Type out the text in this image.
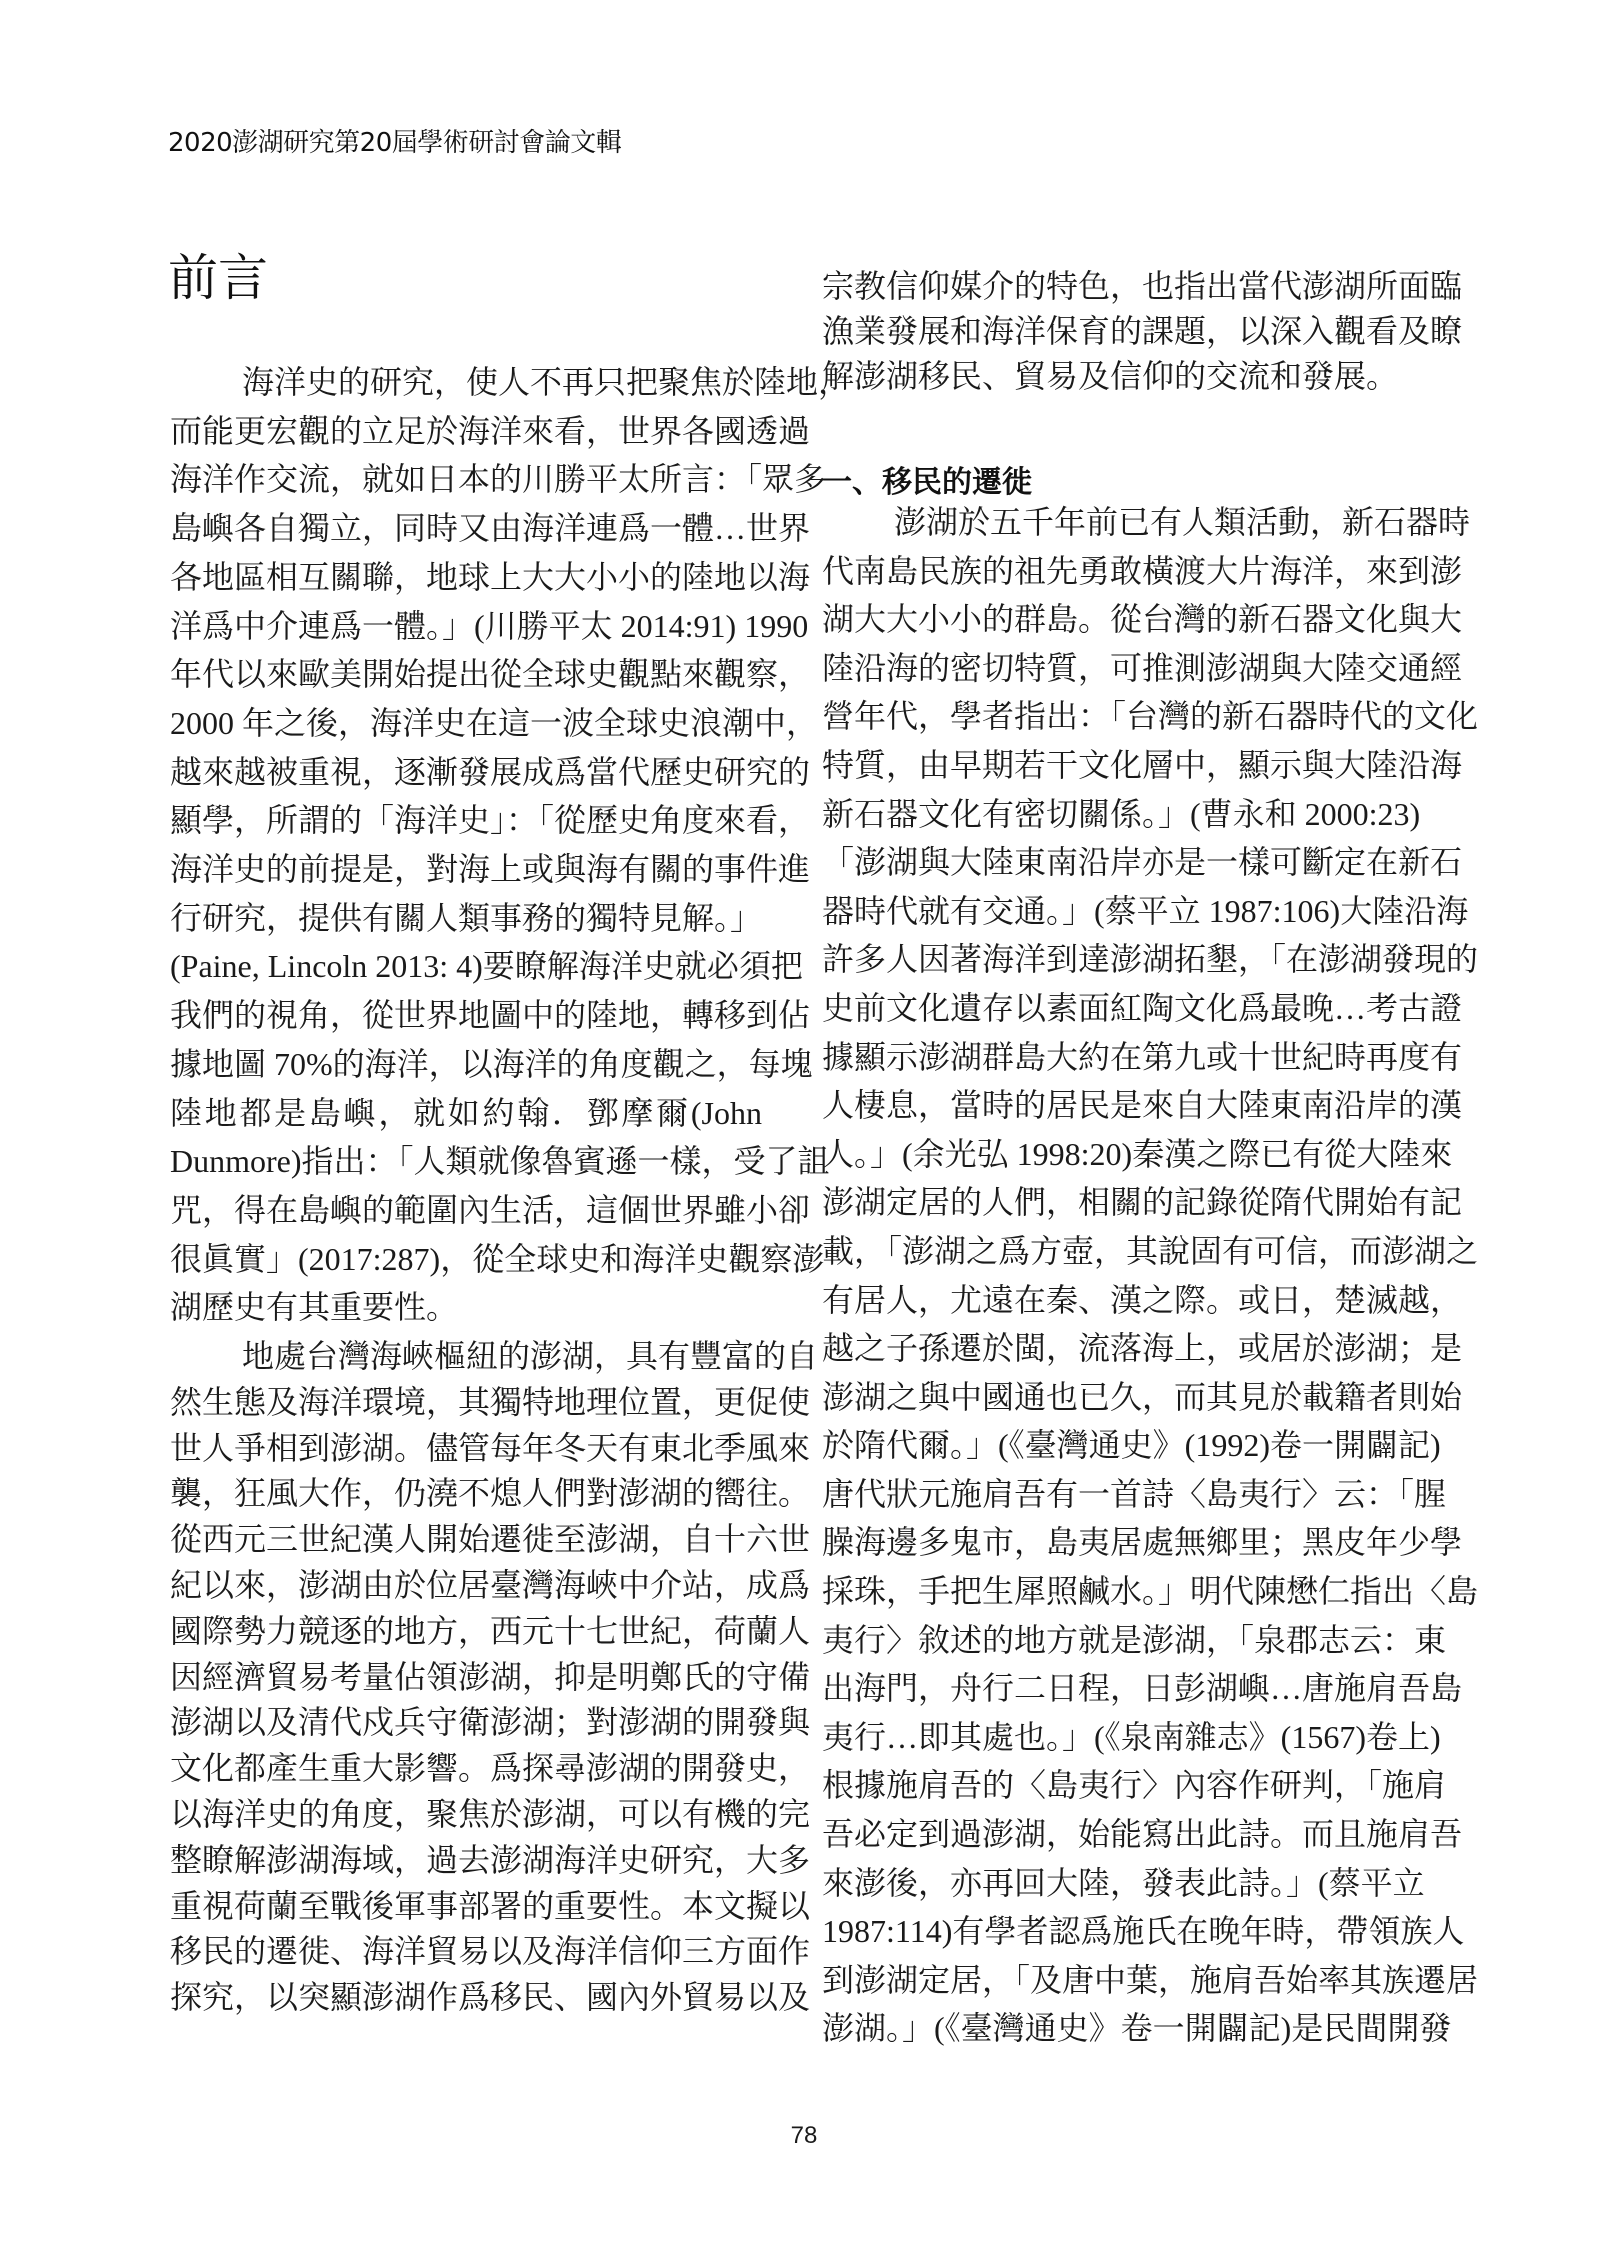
2020澎湖研究第20屆學術研討會論文輯
前言
海洋史的研究，使人不再只把聚焦於陸地，
而能更宏觀的立足於海洋來看，世界各國透過
海洋作交流，就如日本的川勝平太所言：「眾多
島嶼各自獨立，同時又由海洋連爲一體…世界
各地區相互關聯，地球上大大小小的陸地以海
洋爲中介連爲一體。」(川勝平太 2014:91) 1990
年代以來歐美開始提出從全球史觀點來觀察，
2000 年之後，海洋史在這一波全球史浪潮中，
越來越被重視，逐漸發展成爲當代歷史研究的
顯學，所謂的「海洋史」：「從歷史角度來看，
海洋史的前提是，對海上或與海有關的事件進
行研究，提供有關人類事務的獨特見解。」
(Paine, Lincoln 2013: 4)要瞭解海洋史就必須把
我們的視角，從世界地圖中的陸地，轉移到佔
據地圖 70%的海洋，以海洋的角度觀之，每塊
陸地都是島嶼，就如約翰．鄧摩爾(John
Dunmore)指出：「人類就像魯賓遜一樣，受了詛
咒，得在島嶼的範圍內生活，這個世界雖小卻
很眞實」(2017:287)，從全球史和海洋史觀察澎
湖歷史有其重要性。
地處台灣海峽樞紐的澎湖，具有豐富的自
然生態及海洋環境，其獨特地理位置，更促使
世人爭相到澎湖。儘管每年冬天有東北季風來
襲，狂風大作，仍澆不熄人們對澎湖的嚮往。
從西元三世紀漢人開始遷徙至澎湖，自十六世
紀以來，澎湖由於位居臺灣海峽中介站，成爲
國際勢力競逐的地方，西元十七世紀，荷蘭人
因經濟貿易考量佔領澎湖，抑是明鄭氏的守備
澎湖以及清代戍兵守衛澎湖；對澎湖的開發與
文化都產生重大影響。爲探尋澎湖的開發史，
以海洋史的角度，聚焦於澎湖，可以有機的完
整瞭解澎湖海域，過去澎湖海洋史研究，大多
重視荷蘭至戰後軍事部署的重要性。本文擬以
移民的遷徙、海洋貿易以及海洋信仰三方面作
探究，以突顯澎湖作爲移民、國內外貿易以及
宗教信仰媒介的特色，也指出當代澎湖所面臨
漁業發展和海洋保育的課題，以深入觀看及瞭
解澎湖移民、貿易及信仰的交流和發展。
一、移民的遷徙
澎湖於五千年前已有人類活動，新石器時
代南島民族的祖先勇敢橫渡大片海洋，來到澎
湖大大小小的群島。從台灣的新石器文化與大
陸沿海的密切特質，可推測澎湖與大陸交通經
營年代，學者指出：「台灣的新石器時代的文化
特質，由早期若干文化層中，顯示與大陸沿海
新石器文化有密切關係。」(曹永和 2000:23)
「澎湖與大陸東南沿岸亦是一樣可斷定在新石
器時代就有交通。」(蔡平立 1987:106)大陸沿海
許多人因著海洋到達澎湖拓墾，「在澎湖發現的
史前文化遺存以素面紅陶文化爲最晚…考古證
據顯示澎湖群島大約在第九或十世紀時再度有
人棲息，當時的居民是來自大陸東南沿岸的漢
人。」(余光弘 1998:20)秦漢之際已有從大陸來
澎湖定居的人們，相關的記錄從隋代開始有記
載，「澎湖之爲方壺，其說固有可信，而澎湖之
有居人，尤遠在秦、漢之際。或日，楚滅越，
越之子孫遷於閩，流落海上，或居於澎湖；是
澎湖之與中國通也已久，而其見於載籍者則始
於隋代爾。」(《臺灣通史》(1992)卷一開闢記)
唐代狀元施肩吾有一首詩〈島夷行〉云：「腥
臊海邊多鬼市，島夷居處無鄉里；黑皮年少學
採珠，手把生犀照鹹水。」明代陳懋仁指出〈島
夷行〉敘述的地方就是澎湖，「泉郡志云：東
出海門，舟行二日程，日彭湖嶼…唐施肩吾島
夷行…即其處也。」(《泉南雜志》(1567)卷上)
根據施肩吾的〈島夷行〉內容作研判，「施肩
吾必定到過澎湖，始能寫出此詩。而且施肩吾
來澎後，亦再回大陸，發表此詩。」(蔡平立
1987:114)有學者認爲施氏在晚年時，帶領族人
到澎湖定居，「及唐中葉，施肩吾始率其族遷居
澎湖。」(《臺灣通史》卷一開闢記)是民間開發
78
